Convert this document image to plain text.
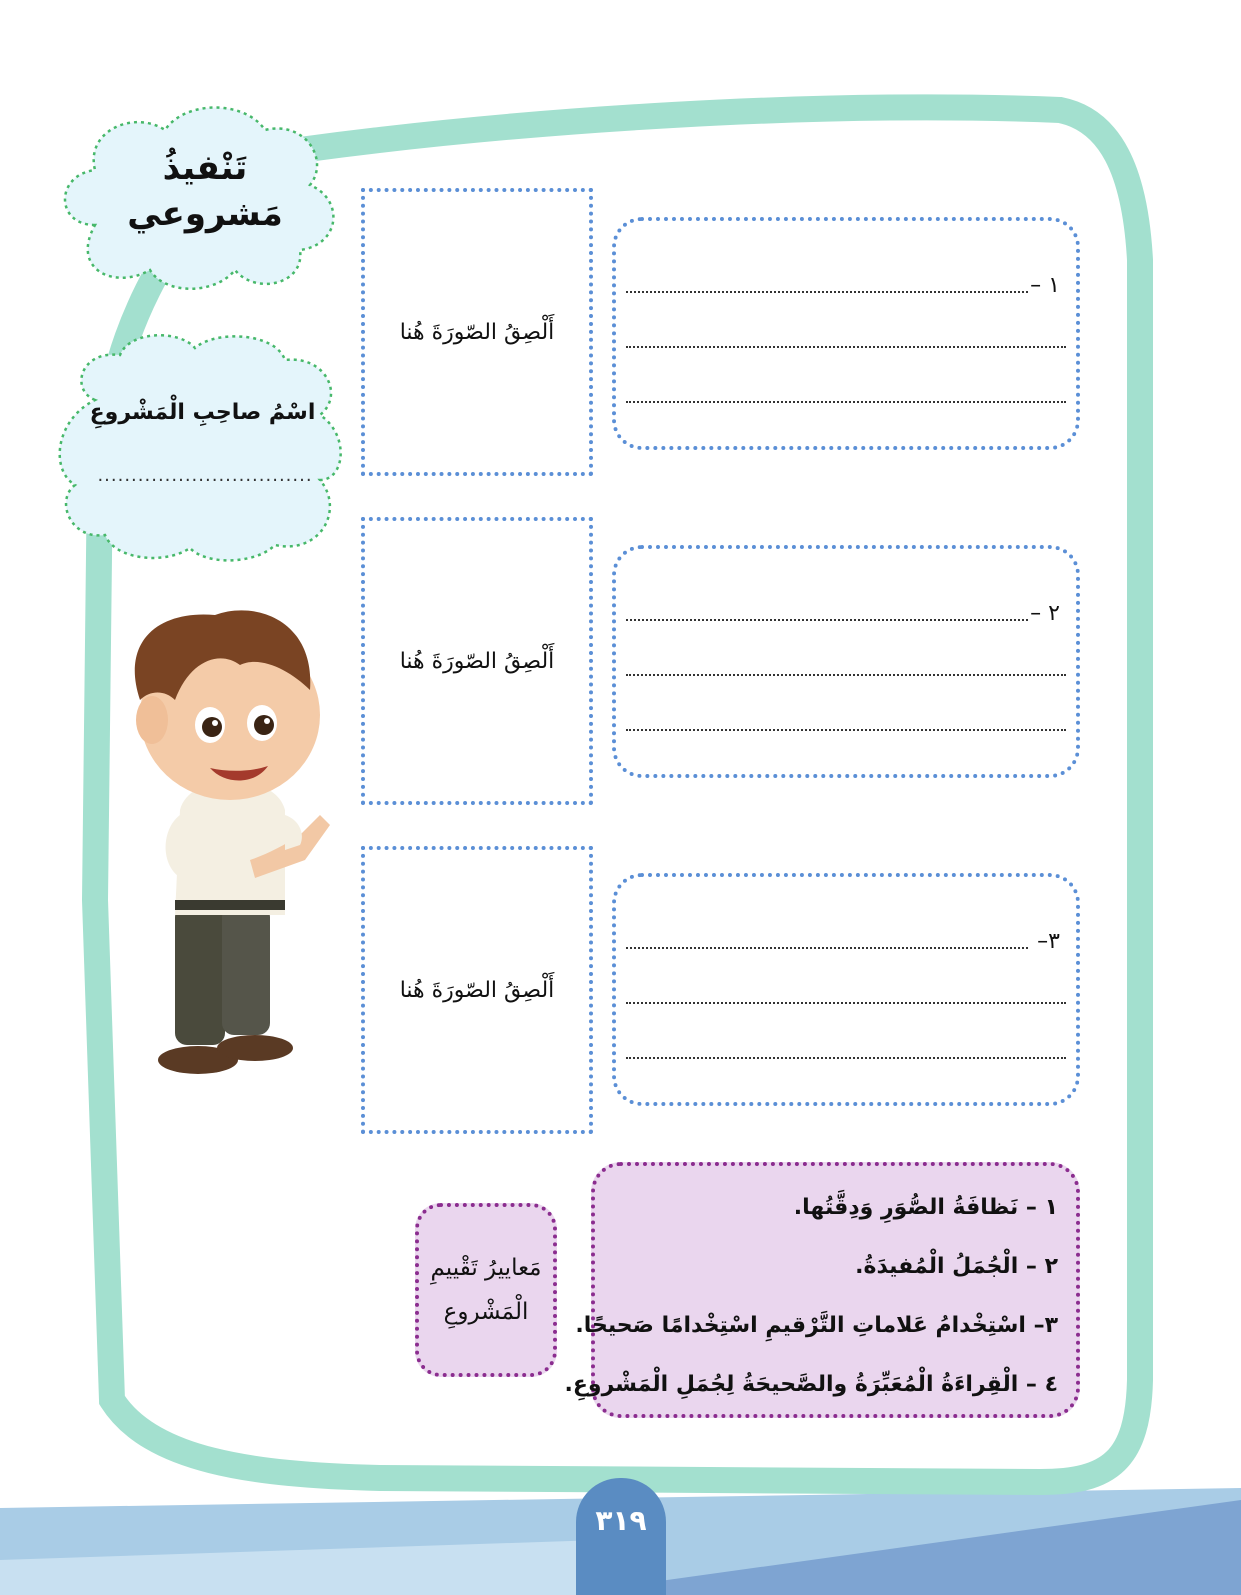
تَنْفيذُ
مَشروعي
اسْمُ صاحِبِ الْمَشْروعِ
................................
أَلْصِقُ الصّورَةَ هُنا
أَلْصِقُ الصّورَةَ هُنا
أَلْصِقُ الصّورَةَ هُنا
١ –
٢ –
٣–
١ – نَظافَةُ الصُّوَرِ وَدِقَّتُها.
٢ – الْجُمَلُ الْمُفيدَةُ.
٣– اسْتِخْدامُ عَلاماتِ التَّرْقيمِ اسْتِخْدامًا صَحيحًا.
٤ – الْقِراءَةُ الْمُعَبِّرَةُ والصَّحيحَةُ لِجُمَلِ الْمَشْروعِ.
مَعاييرُ تَقْييمِ الْمَشْروعِ
٣١٩
